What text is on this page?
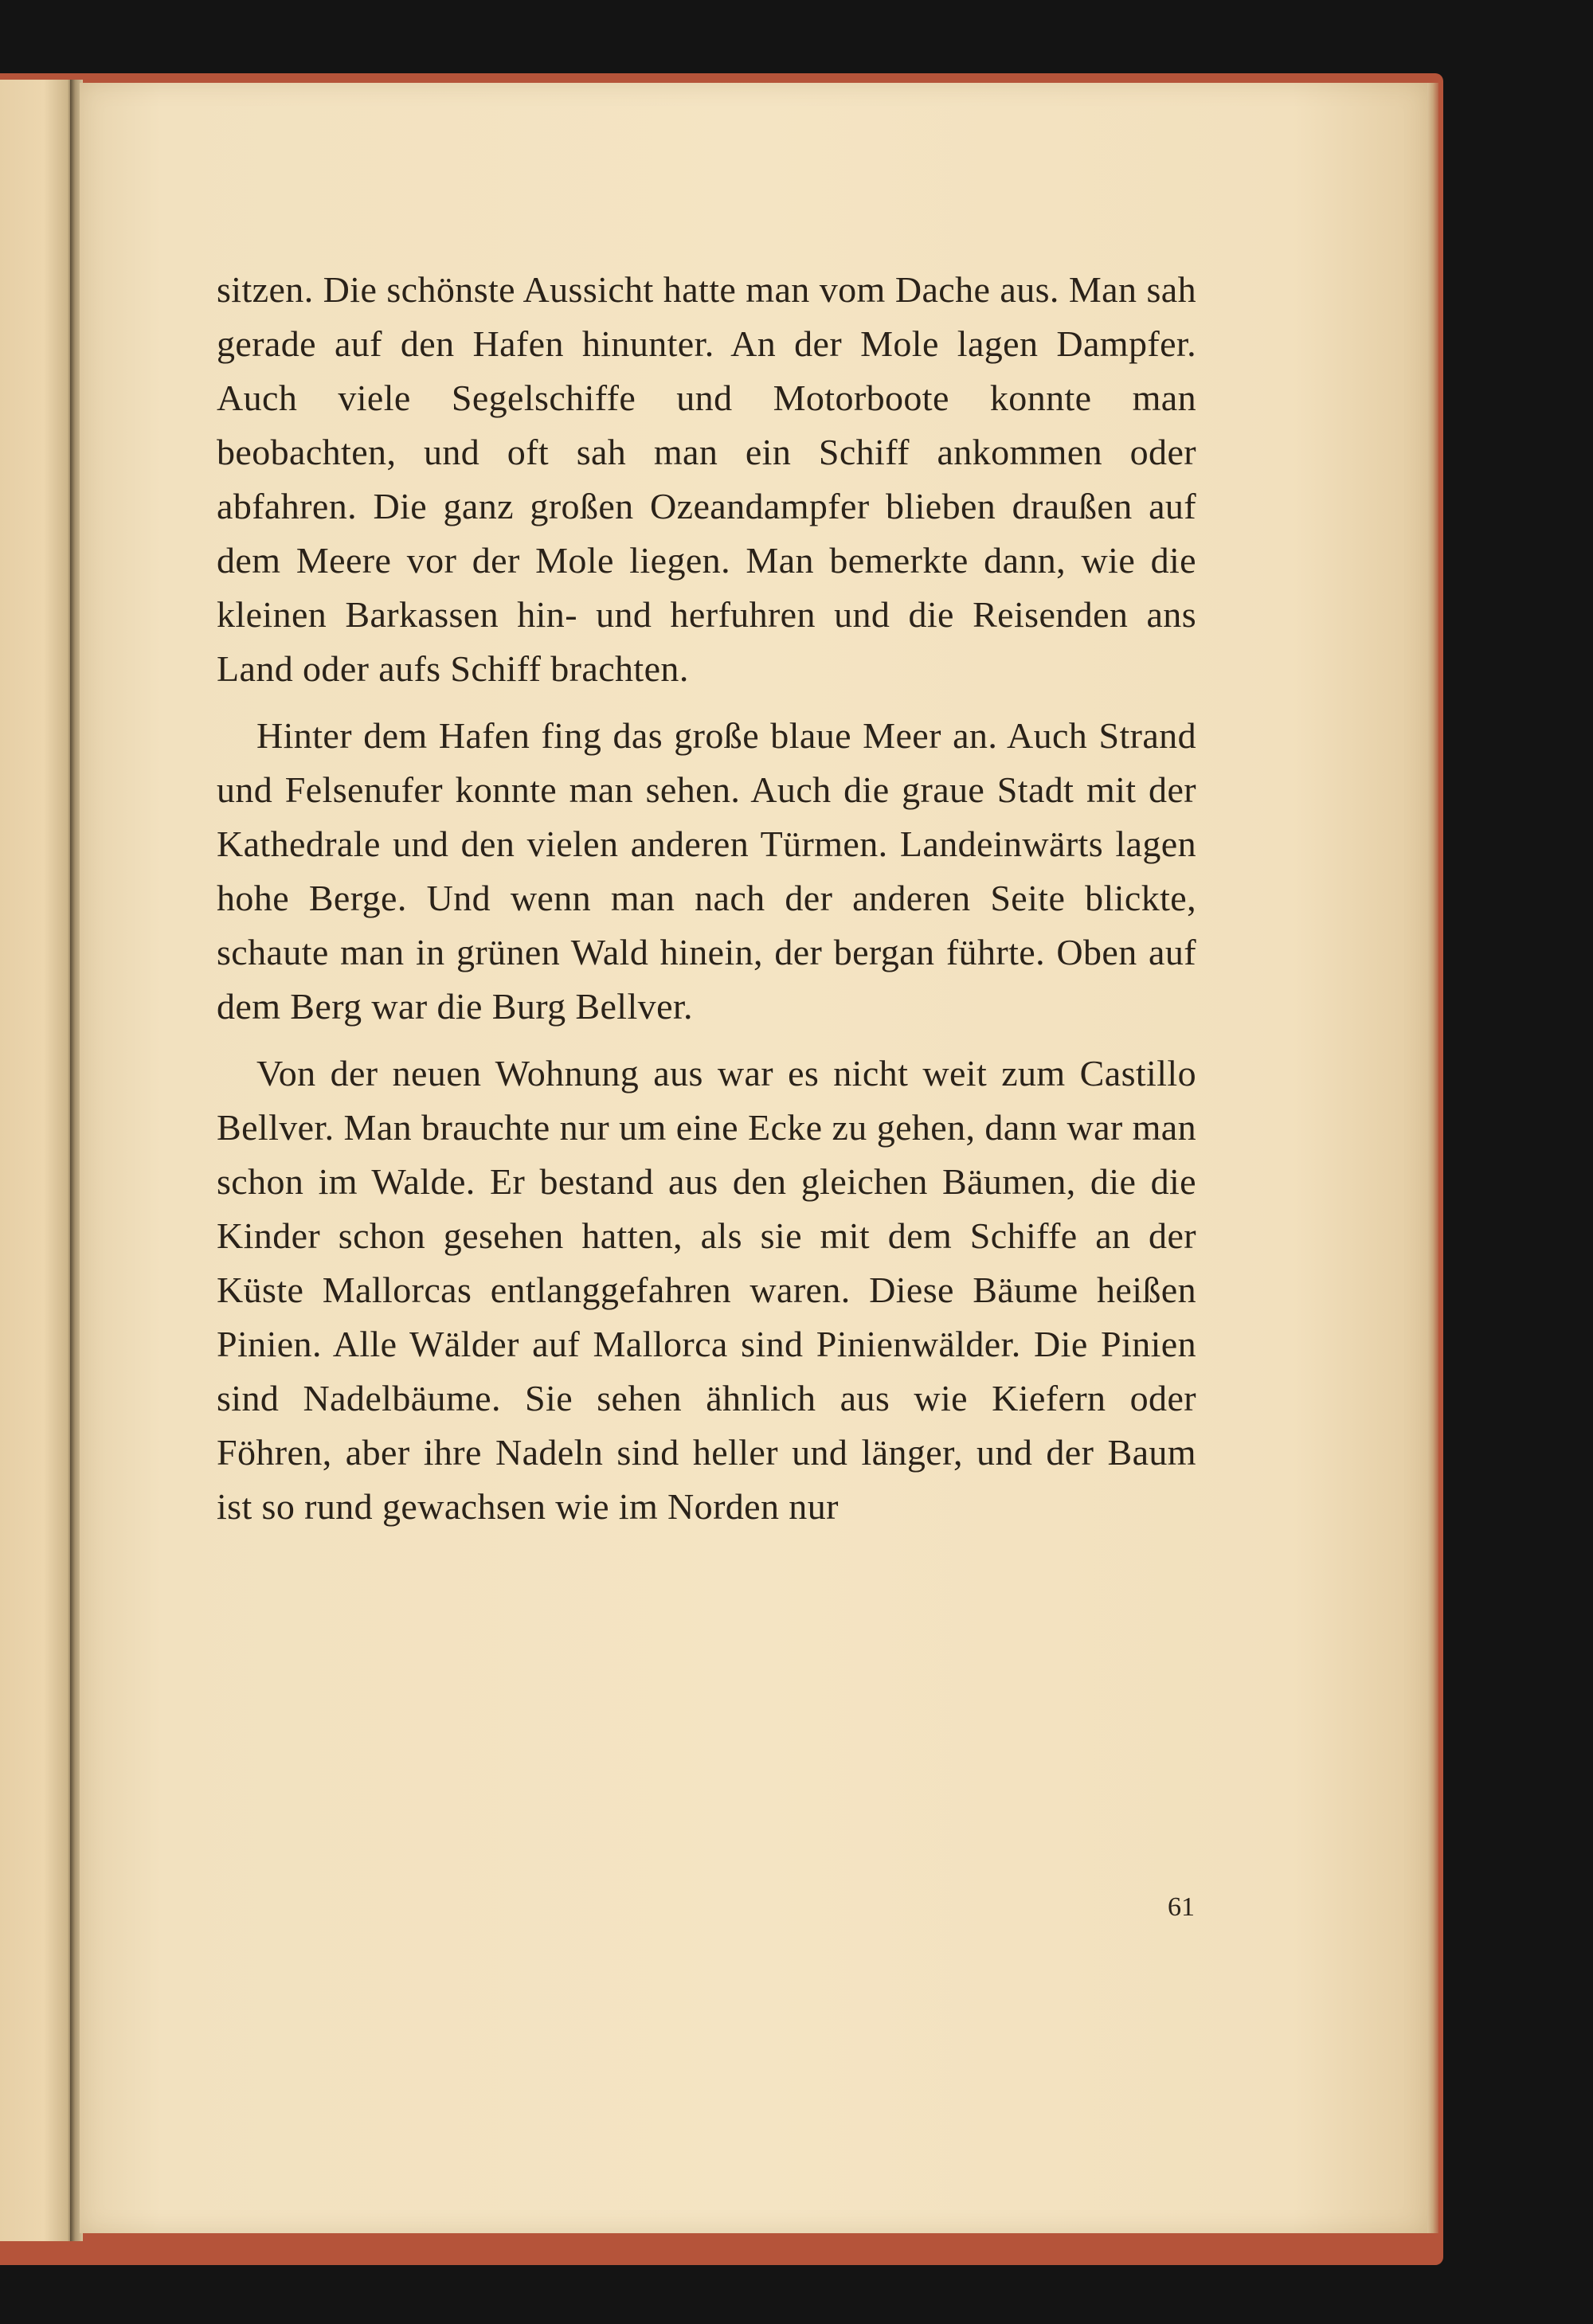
sitzen. Die schönste Aussicht hatte man vom Dache aus. Man sah gerade auf den Hafen hinunter. An der Mole lagen Dampfer. Auch viele Segelschiffe und Motorboote konnte man beobachten, und oft sah man ein Schiff ankommen oder abfahren. Die ganz großen Ozeandampfer blieben draußen auf dem Meere vor der Mole liegen. Man bemerkte dann, wie die kleinen Barkassen hin- und herfuhren und die Reisenden ans Land oder aufs Schiff brachten.

Hinter dem Hafen fing das große blaue Meer an. Auch Strand und Felsenufer konnte man sehen. Auch die graue Stadt mit der Kathedrale und den vielen anderen Türmen. Landeinwärts lagen hohe Berge. Und wenn man nach der anderen Seite blickte, schaute man in grünen Wald hinein, der bergan führte. Oben auf dem Berg war die Burg Bellver.

Von der neuen Wohnung aus war es nicht weit zum Castillo Bellver. Man brauchte nur um eine Ecke zu gehen, dann war man schon im Walde. Er bestand aus den gleichen Bäumen, die die Kinder schon gesehen hatten, als sie mit dem Schiffe an der Küste Mallorcas entlanggefahren waren. Diese Bäume heißen Pinien. Alle Wälder auf Mallorca sind Pinienwälder. Die Pinien sind Nadelbäume. Sie sehen ähnlich aus wie Kiefern oder Föhren, aber ihre Nadeln sind heller und länger, und der Baum ist so rund gewachsen wie im Norden nur

61
